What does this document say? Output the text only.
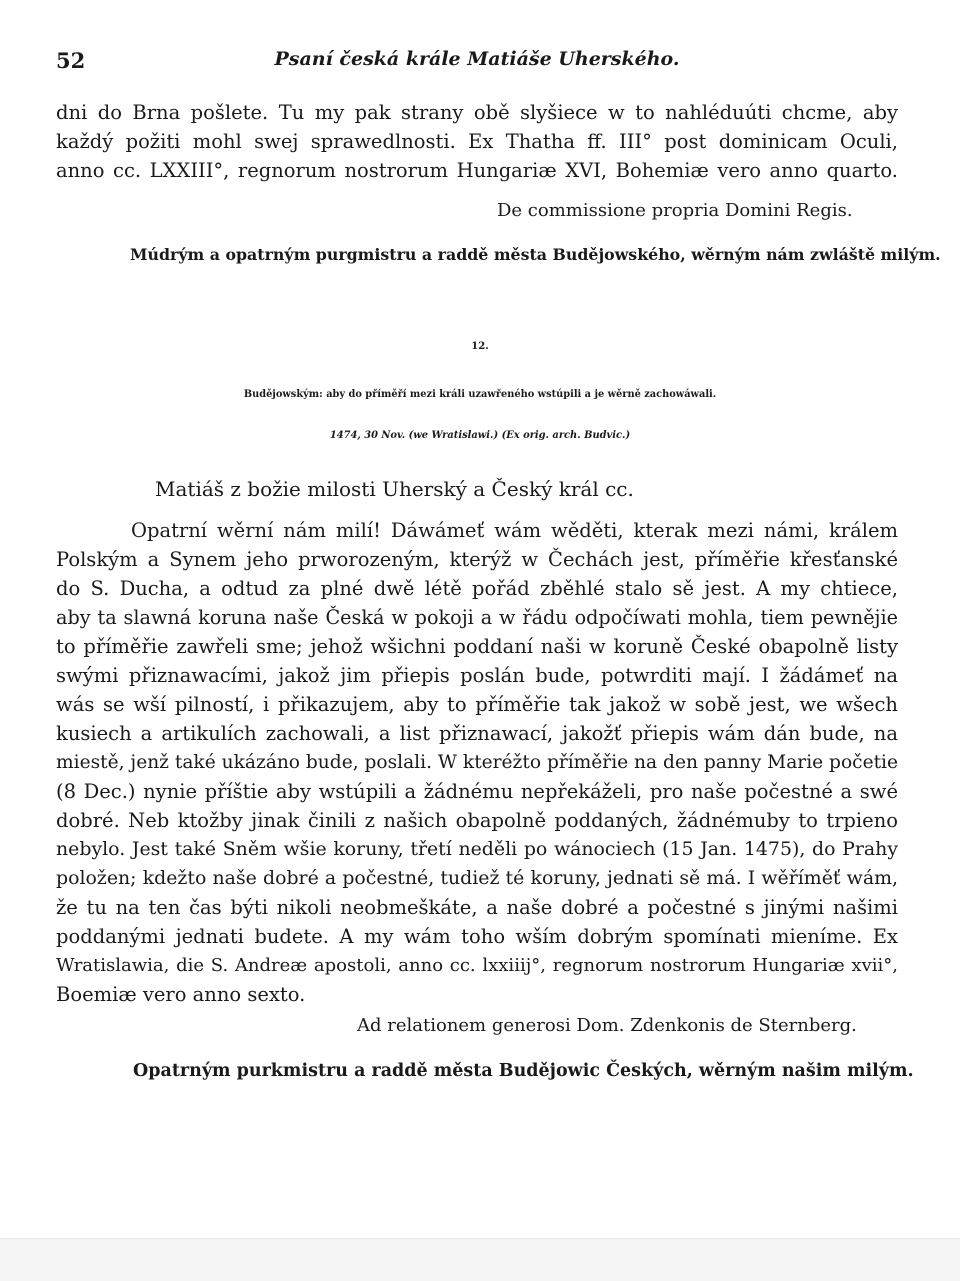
52	Psaní česká krále Matiáše Uherského.
dni do Brna pošlete. Tu my pak strany obě slyšiece w to nahléduúti chcme, aby
každý požiti mohl swej sprawedlnosti. Ex Thatha ff. III° post dominicam Oculi,
anno ⅽc. LXXIII°, regnorum nostrorum Hungariæ XVI, Bohemiæ vero anno quarto.

De commissione propria Domini Regis.

Múdrým a opatrným purgmistru a raddě města Budějowského, wěrným nám zwláště milým.

12.

Budějowským: aby do příměří mezi králi uzawřeného wstúpili a je wěrně zachowáwali.

1474, 30 Nov. (we Wratislawi.) (Ex orig. arch. Budvic.)

Matiáš z božie milosti Uherský a Český král ⅽc.

Opatrní wěrní nám milí! Dáwámeť wám wěděti, kterak mezi námi, králem
Polským a Synem jeho prworozeným, kterýž w Čechách jest, příměřie křesťanské
do S. Ducha, a odtud za plné dwě létě pořád zběhlé stalo sě jest. A my chtiece,
aby ta slawná koruna naše Česká w pokoji a w řádu odpočíwati mohla, tiem pewnějie
to příměřie zawřeli sme; jehož wšichni poddaní naši w koruně České obapolně listy
swými přiznawacími, jakož jim přiepis poslán bude, potwrditi mají. I žádámeť na
wás se wší pilností, i přikazujem, aby to příměřie tak jakož w sobě jest, we wšech
kusiech a artikulích zachowali, a list přiznawací, jakožť přiepis wám dán bude, na
miestě, jenž také ukázáno bude, poslali. W kteréžto příměřie na den panny Marie početie
(8 Dec.) nynie příštie aby wstúpili a žádnému nepřekáželi, pro naše počestné a swé
dobré. Neb ktožby jinak činili z našich obapolně poddaných, žádnémuby to trpieno
nebylo. Jest také Sněm wšie koruny, třetí neděli po wánociech (15 Jan. 1475), do Prahy
položen; kdežto naše dobré a počestné, tudiež té koruny, jednati sě má. I wěříměť wám,
že tu na ten čas býti nikoli neobmeškáte, a naše dobré a počestné s jinými našimi
poddanými jednati budete. A my wám toho wším dobrým spomínati mieníme. Ex
Wratislawia, die S. Andreæ apostoli, anno ⅽc. lxxiiij°, regnorum nostrorum Hungariæ xvii°,
Boemiæ vero anno sexto.

Ad relationem generosi Dom. Zdenkonis de Sternberg.

Opatrným purkmistru a raddě města Budějowic Českých, wěrným našim milým.
